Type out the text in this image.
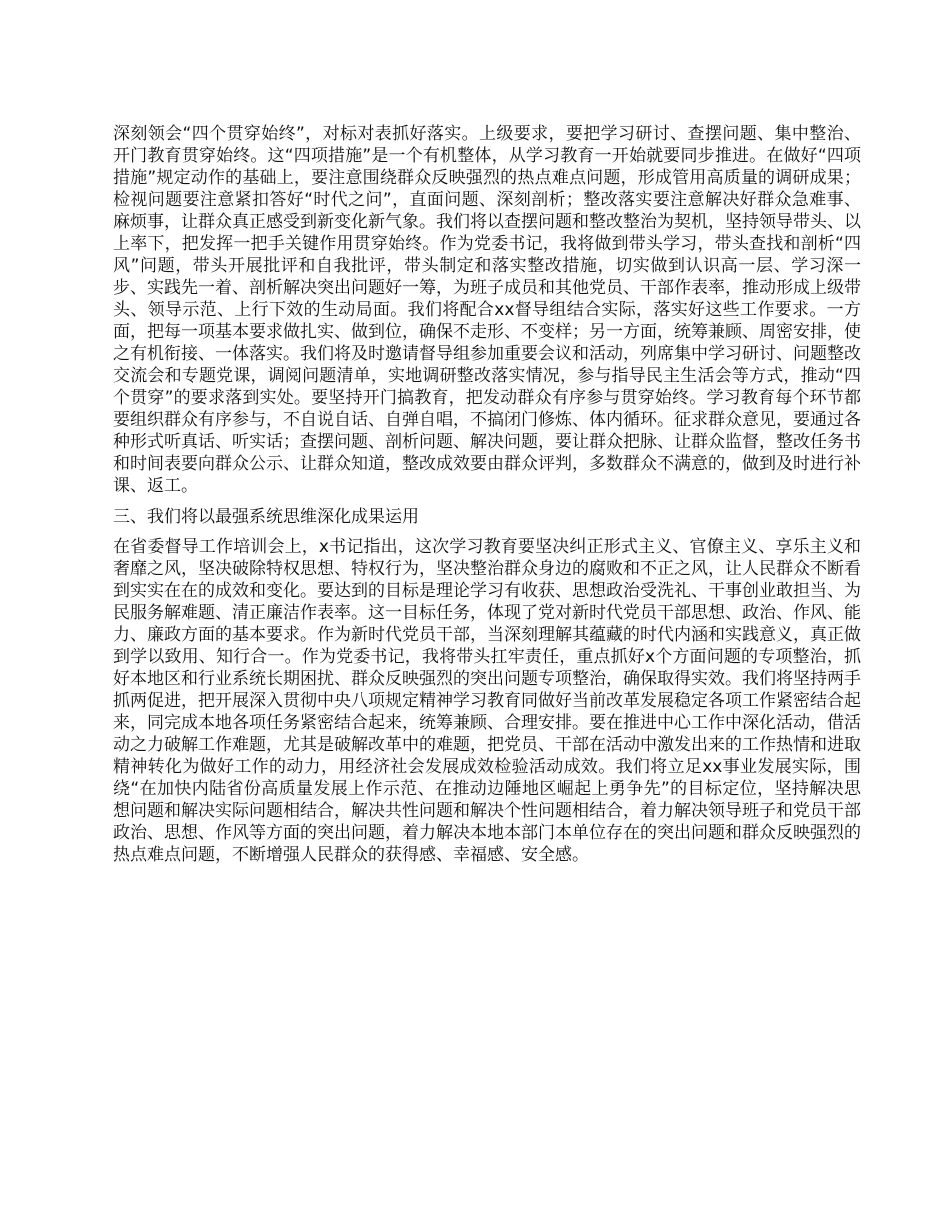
深刻领会“四个贯穿始终”，对标对表抓好落实。上级要求，要把学习研讨、查摆问题、集中整治、开门教育贯穿始终。这“四项措施”是一个有机整体，从学习教育一开始就要同步推进。在做好“四项措施”规定动作的基础上，要注意围绕群众反映强烈的热点难点问题，形成管用高质量的调研成果；检视问题要注意紧扣答好“时代之问”，直面问题、深刻剖析；整改落实要注意解决好群众急难事、麻烦事，让群众真正感受到新变化新气象。我们将以查摆问题和整改整治为契机，坚持领导带头、以上率下，把发挥一把手关键作用贯穿始终。作为党委书记，我将做到带头学习，带头查找和剖析“四风”问题，带头开展批评和自我批评，带头制定和落实整改措施，切实做到认识高一层、学习深一步、实践先一着、剖析解决突出问题好一筹，为班子成员和其他党员、干部作表率，推动形成上级带头、领导示范、上行下效的生动局面。我们将配合xx督导组结合实际，落实好这些工作要求。一方面，把每一项基本要求做扎实、做到位，确保不走形、不变样；另一方面，统筹兼顾、周密安排，使之有机衔接、一体落实。我们将及时邀请督导组参加重要会议和活动，列席集中学习研讨、问题整改交流会和专题党课，调阅问题清单，实地调研整改落实情况，参与指导民主生活会等方式，推动“四个贯穿”的要求落到实处。要坚持开门搞教育，把发动群众有序参与贯穿始终。学习教育每个环节都要组织群众有序参与，不自说自话、自弹自唱，不搞闭门修炼、体内循环。征求群众意见，要通过各种形式听真话、听实话；查摆问题、剖析问题、解决问题，要让群众把脉、让群众监督，整改任务书和时间表要向群众公示、让群众知道，整改成效要由群众评判，多数群众不满意的，做到及时进行补课、返工。

三、我们将以最强系统思维深化成果运用

在省委督导工作培训会上，x书记指出，这次学习教育要坚决纠正形式主义、官僚主义、享乐主义和奢靡之风，坚决破除特权思想、特权行为，坚决整治群众身边的腐败和不正之风，让人民群众不断看到实实在在的成效和变化。要达到的目标是理论学习有收获、思想政治受洗礼、干事创业敢担当、为民服务解难题、清正廉洁作表率。这一目标任务，体现了党对新时代党员干部思想、政治、作风、能力、廉政方面的基本要求。作为新时代党员干部，当深刻理解其蕴藏的时代内涵和实践意义，真正做到学以致用、知行合一。作为党委书记，我将带头扛牢责任，重点抓好x个方面问题的专项整治，抓好本地区和行业系统长期困扰、群众反映强烈的突出问题专项整治，确保取得实效。我们将坚持两手抓两促进，把开展深入贯彻中央八项规定精神学习教育同做好当前改革发展稳定各项工作紧密结合起来，同完成本地各项任务紧密结合起来，统筹兼顾、合理安排。要在推进中心工作中深化活动，借活动之力破解工作难题，尤其是破解改革中的难题，把党员、干部在活动中激发出来的工作热情和进取精神转化为做好工作的动力，用经济社会发展成效检验活动成效。我们将立足xx事业发展实际，围绕“在加快内陆省份高质量发展上作示范、在推动边陲地区崛起上勇争先”的目标定位，坚持解决思想问题和解决实际问题相结合，解决共性问题和解决个性问题相结合，着力解决领导班子和党员干部政治、思想、作风等方面的突出问题，着力解决本地本部门本单位存在的突出问题和群众反映强烈的热点难点问题，不断增强人民群众的获得感、幸福感、安全感。
